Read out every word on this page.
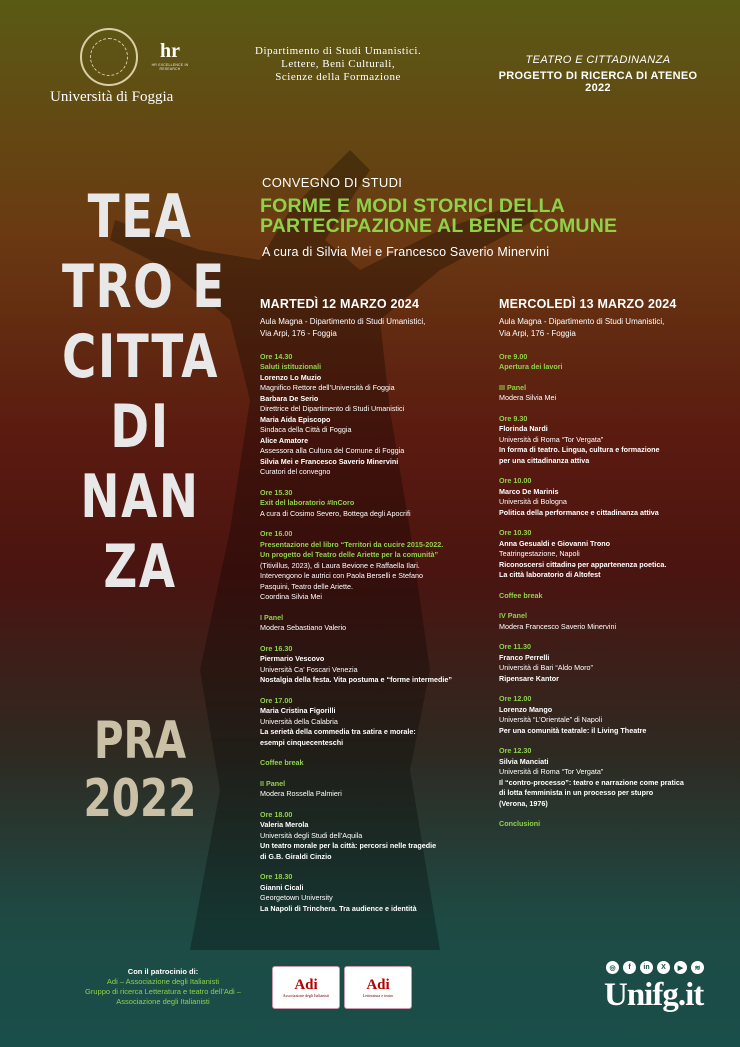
Università di Foggia
hr
HR EXCELLENCE IN RESEARCH
Dipartimento di Studi Umanistici.
Lettere, Beni Culturali,
Scienze della Formazione
TEATRO E CITTADINANZA
PROGETTO DI RICERCA DI ATENEO 2022
TEA
TRO E
CITTA
DI
NAN
ZA
PRA
2022
CONVEGNO DI STUDI
FORME E MODI STORICI DELLA
PARTECIPAZIONE AL BENE COMUNE
A cura di Silvia Mei e Francesco Saverio Minervini
MARTEDÌ 12 MARZO 2024
Aula Magna - Dipartimento di Studi Umanistici,
Via Arpi, 176 - Foggia
Ore 14.30
Saluti istituzionali
Lorenzo Lo Muzio
Magnifico Rettore dell’Università di Foggia
Barbara De Serio
Direttrice del Dipartimento di Studi Umanistici
Maria Aida Episcopo
Sindaca della Città di Foggia
Alice Amatore
Assessora alla Cultura del Comune di Foggia
Silvia Mei e Francesco Saverio Minervini
Curatori del convegno
Ore 15.30
Exit del laboratorio #InCoro
A cura di Cosimo Severo, Bottega degli Apocrifi
Ore 16.00
Presentazione del libro “Territori da cucire 2015-2022.
Un progetto del Teatro delle Ariette per la comunità”
(Titivillus, 2023), di Laura Bevione e Raffaella Ilari.
Intervengono le autrici con Paola Berselli e Stefano
Pasquini, Teatro delle Ariette.
Coordina Silvia Mei
I Panel
Modera Sebastiano Valerio
Ore 16.30
Piermario Vescovo
Università Ca’ Foscari Venezia
Nostalgia della festa. Vita postuma e “forme intermedie”
Ore 17.00
Maria Cristina Figorilli
Università della Calabria
La serietà della commedia tra satira e morale:
esempi cinquecenteschi
Coffee break
II Panel
Modera Rossella Palmieri
Ore 18.00
Valeria Merola
Università degli Studi dell’Aquila
Un teatro morale per la città: percorsi nelle tragedie
di G.B. Giraldi Cinzio
Ore 18.30
Gianni Cicali
Georgetown University
La Napoli di Trinchera. Tra audience e identità
MERCOLEDÌ 13 MARZO 2024
Aula Magna - Dipartimento di Studi Umanistici,
Via Arpi, 176 - Foggia
Ore 9.00
Apertura dei lavori
III Panel
Modera Silvia Mei
Ore 9.30
Florinda Nardi
Università di Roma “Tor Vergata”
In forma di teatro. Lingua, cultura e formazione
per una cittadinanza attiva
Ore 10.00
Marco De Marinis
Università di Bologna
Politica della performance e cittadinanza attiva
Ore 10.30
Anna Gesualdi e Giovanni Trono
Teatringestazione, Napoli
Riconoscersi cittadinə per appartenenza poetica.
La città laboratorio di Altofest
Coffee break
IV Panel
Modera Francesco Saverio Minervini
Ore 11.30
Franco Perrelli
Università di Bari “Aldo Moro”
Ripensare Kantor
Ore 12.00
Lorenzo Mango
Università “L’Orientale” di Napoli
Per una comunità teatrale: il Living Theatre
Ore 12.30
Silvia Manciati
Università di Roma “Tor Vergata”
Il “contro-processo”: teatro e narrazione come pratica
di lotta femminista in un processo per stupro
(Verona, 1976)
Conclusioni
Con il patrocinio di:
Adi – Associazione degli Italianisti
Gruppo di ricerca Letteratura e teatro dell’Adi –
Associazione degli Italianisti
Adi
Associazione degli Italianisti
Adi
Letteratura e teatro
◎	f	in	X	▶	≋
Unifg.it
